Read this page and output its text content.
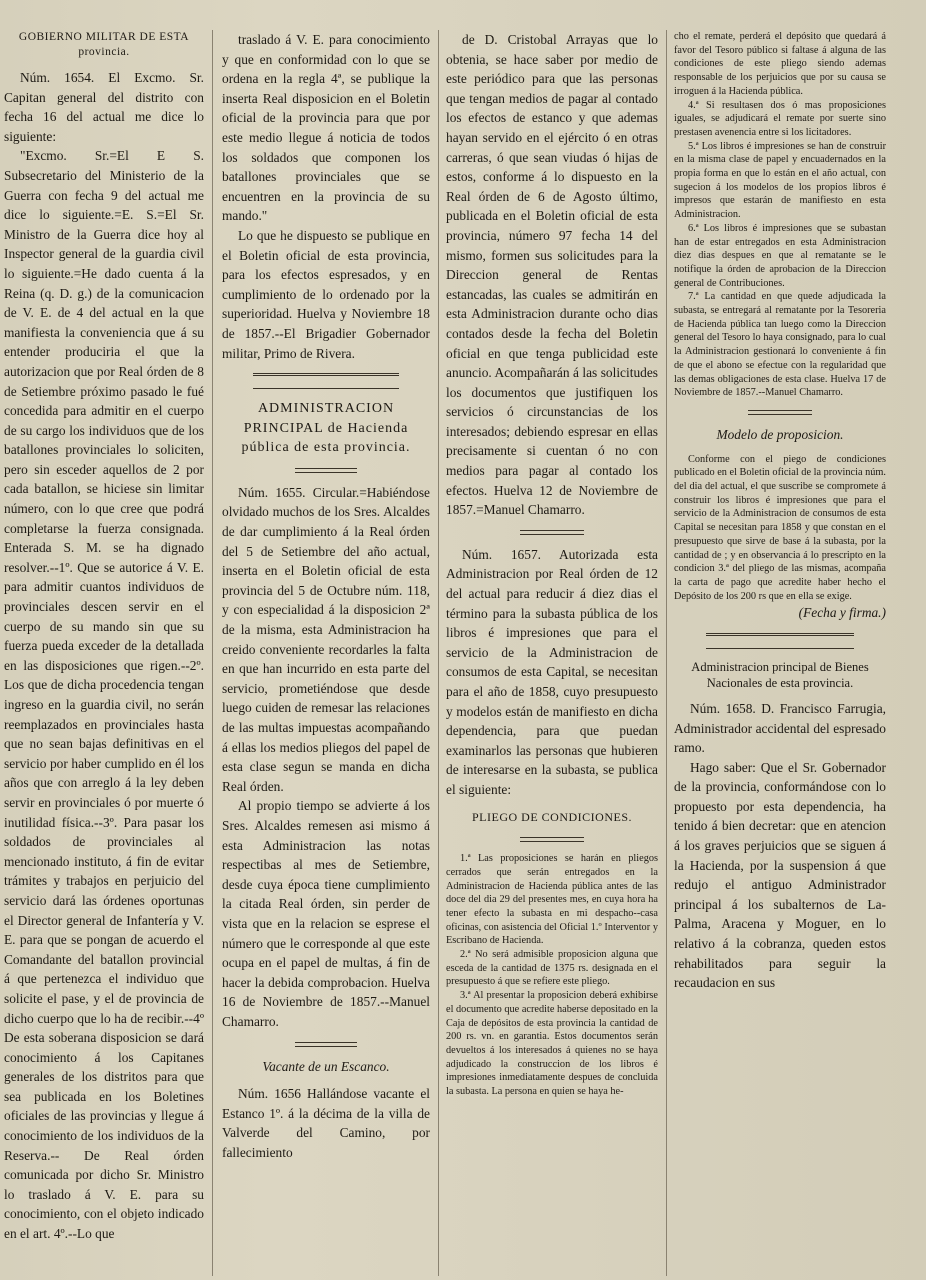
GOBIERNO MILITAR DE ESTA provincia.

Núm. 1654. El Excmo. Sr. Capitan general del distrito con fecha 16 del actual me dice lo siguiente:

"Excmo. Sr.=El E S. Subsecretario del Ministerio de la Guerra con fecha 9 del actual me dice lo siguiente.=E. S.=El Sr. Ministro de la Guerra dice hoy al Inspector general de la guardia civil lo siguiente.=He dado cuenta á la Reina (q. D. g.) de la comunicacion de V. E. de 4 del actual en la que manifiesta la conveniencia que á su entender produciria el que la autorizacion que por Real órden de 8 de Setiembre próximo pasado le fué concedida para admitir en el cuerpo de su cargo los individuos que de los batallones provinciales lo soliciten, pero sin esceder aquellos de 2 por cada batallon, se hiciese sin limitar número, con lo que cree que podrá completarse la fuerza consignada. Enterada S. M. se ha dignado resolver.--1º. Que se autorice á V. E. para admitir cuantos individuos de provinciales descen servir en el cuerpo de su mando sin que su fuerza pueda exceder de la detallada en las disposiciones que rigen.--2º. Los que de dicha procedencia tengan ingreso en la guardia civil, no serán reemplazados en provinciales hasta que no sean bajas definitivas en el servicio por haber cumplido en él los años que con arreglo á la ley deben servir en provinciales ó por muerte ó inutilidad física.--3º. Para pasar los soldados de provinciales al mencionado instituto, á fin de evitar trámites y trabajos en perjuicio del servicio dará las órdenes oportunas el Director general de Infantería y V. E. para que se pongan de acuerdo el Comandante del batallon provincial á que pertenezca el individuo que solicite el pase, y el de provincia de dicho cuerpo que lo ha de recibir.--4º De esta soberana disposicion se dará conocimiento á los Capitanes generales de los distritos para que sea publicada en los Boletines oficiales de las provincias y llegue á conocimiento de los individuos de la Reserva.-- De Real órden comunicada por dicho Sr. Ministro lo traslado á V. E. para su conocimiento, con el objeto indicado en el art. 4º.--Lo que

traslado á V. E. para conocimiento y que en conformidad con lo que se ordena en la regla 4ª, se publique la inserta Real disposicion en el Boletin oficial de la provincia para que por este medio llegue á noticia de todos los soldados que componen los batallones provinciales que se encuentren en la provincia de su mando."

Lo que he dispuesto se publique en el Boletin oficial de esta provincia, para los efectos espresados, y en cumplimiento de lo ordenado por la superioridad. Huelva y Noviembre 18 de 1857.--El Brigadier Gobernador militar, Primo de Rivera.

ADMINISTRACION PRINCIPAL de Hacienda pública de esta provincia.

Núm. 1655. Circular.=Habiéndose olvidado muchos de los Sres. Alcaldes de dar cumplimiento á la Real órden del 5 de Setiembre del año actual, inserta en el Boletin oficial de esta provincia del 5 de Octubre núm. 118, y con especialidad á la disposicion 2ª de la misma, esta Administracion ha creido conveniente recordarles la falta en que han incurrido en esta parte del servicio, prometiéndose que desde luego cuiden de remesar las relaciones de las multas impuestas acompañando á ellas los medios pliegos del papel de esta clase segun se manda en dicha Real órden.

Al propio tiempo se advierte á los Sres. Alcaldes remesen asi mismo á esta Administracion las notas respectibas al mes de Setiembre, desde cuya época tiene cumplimiento la citada Real órden, sin perder de vista que en la relacion se esprese el número que le corresponde al que este ocupa en el papel de multas, á fin de hacer la debida comprobacion. Huelva 16 de Noviembre de 1857.--Manuel Chamarro.

Vacante de un Escanco.

Núm. 1656 Hallándose vacante el Estanco 1º. á la décima de la villa de Valverde del Camino, por fallecimiento

de D. Cristobal Arrayas que lo obtenia, se hace saber por medio de este periódico para que las personas que tengan medios de pagar al contado los efectos de estanco y que ademas hayan servido en el ejército ó en otras carreras, ó que sean viudas ó hijas de estos, conforme á lo dispuesto en la Real órden de 6 de Agosto último, publicada en el Boletin oficial de esta provincia, número 97 fecha 14 del mismo, formen sus solicitudes para la Direccion general de Rentas estancadas, las cuales se admitirán en esta Administracion durante ocho dias contados desde la fecha del Boletin oficial en que tenga publicidad este anuncio. Acompañarán á las solicitudes los documentos que justifiquen los servicios ó circunstancias de los interesados; debiendo espresar en ellas precisamente si cuentan ó no con medios para pagar al contado los efectos. Huelva 12 de Noviembre de 1857.=Manuel Chamarro.

Núm. 1657. Autorizada esta Administracion por Real órden de 12 del actual para reducir á diez dias el término para la subasta pública de los libros é impresiones que para el servicio de la Administracion de consumos de esta Capital, se necesitan para el año de 1858, cuyo presupuesto y modelos están de manifiesto en dicha dependencia, para que puedan examinarlos las personas que hubieren de interesarse en la subasta, se publica el siguiente:

PLIEGO DE CONDICIONES.

1.ª Las proposiciones se harán en pliegos cerrados que serán entregados en la Administracion de Hacienda pública antes de las doce del dia 29 del presentes mes, en cuya hora ha tener efecto la subasta en mi despacho--casa oficinas, con asistencia del Oficial 1.º Interventor y Escribano de Hacienda.

2.ª No será admisible proposicion alguna que esceda de la cantidad de 1375 rs. designada en el presupuesto á que se refiere este pliego.

3.ª Al presentar la proposicion deberá exhibirse el documento que acredite haberse depositado en la Caja de depósitos de esta provincia la cantidad de 200 rs. vn. en garantia. Estos documentos serán devueltos á los interesados á quienes no se haya adjudicado la construccion de los libros é impresiones inmediatamente despues de concluida la subasta. La persona en quien se haya he-

cho el remate, perderá el depósito que quedará á favor del Tesoro público si faltase á alguna de las condiciones de este pliego siendo ademas responsable de los perjuicios que por su causa se irroguen á la Hacienda pública.

4.ª Si resultasen dos ó mas proposiciones iguales, se adjudicará el remate por suerte sino prestasen avenencia entre si los licitadores.

5.ª Los libros é impresiones se han de construir en la misma clase de papel y encuadernados en la propia forma en que lo están en el año actual, con sugecion á los modelos de los propios libros é impresos que estarán de manifiesto en esta Administracion.

6.ª Los libros é impresiones que se subastan han de estar entregados en esta Administracion diez dias despues en que al rematante se le notifique la órden de aprobacion de la Direccion general de Contribuciones.

7.ª La cantidad en que quede adjudicada la subasta, se entregará al rematante por la Tesoreria de Hacienda pública tan luego como la Direccion general del Tesoro lo haya consignado, para lo cual la Administracion gestionará lo conveniente á fin de que el abono se efectue con la regularidad que las demas obligaciones de esta clase. Huelva 17 de Noviembre de 1857.--Manuel Chamarro.

Modelo de proposicion.

Conforme con el piego de condiciones publicado en el Boletin oficial de la provincia núm. del dia del actual, el que suscribe se compromete á construir los libros é impresiones que para el servicio de la Administracion de consumos de esta Capital se necesitan para 1858 y que constan en el presupuesto que sirve de base á la subasta, por la cantidad de ; y en observancia á lo prescripto en la condicion 3.ª del pliego de las mismas, acompaña la carta de pago que acredite haber hecho el Depósito de los 200 rs que en ella se exige.

(Fecha y firma.)

Administracion principal de Bienes Nacionales de esta provincia.

Núm. 1658. D. Francisco Farrugia, Administrador accidental del espresado ramo.

Hago saber: Que el Sr. Gobernador de la provincia, conformándose con lo propuesto por esta dependencia, ha tenido á bien decretar: que en atencion á los graves perjuicios que se siguen á la Hacienda, por la suspension á que redujo el antiguo Administrador principal á los subalternos de La-Palma, Aracena y Moguer, en lo relativo á la cobranza, queden estos rehabilitados para seguir la recaudacion en sus
